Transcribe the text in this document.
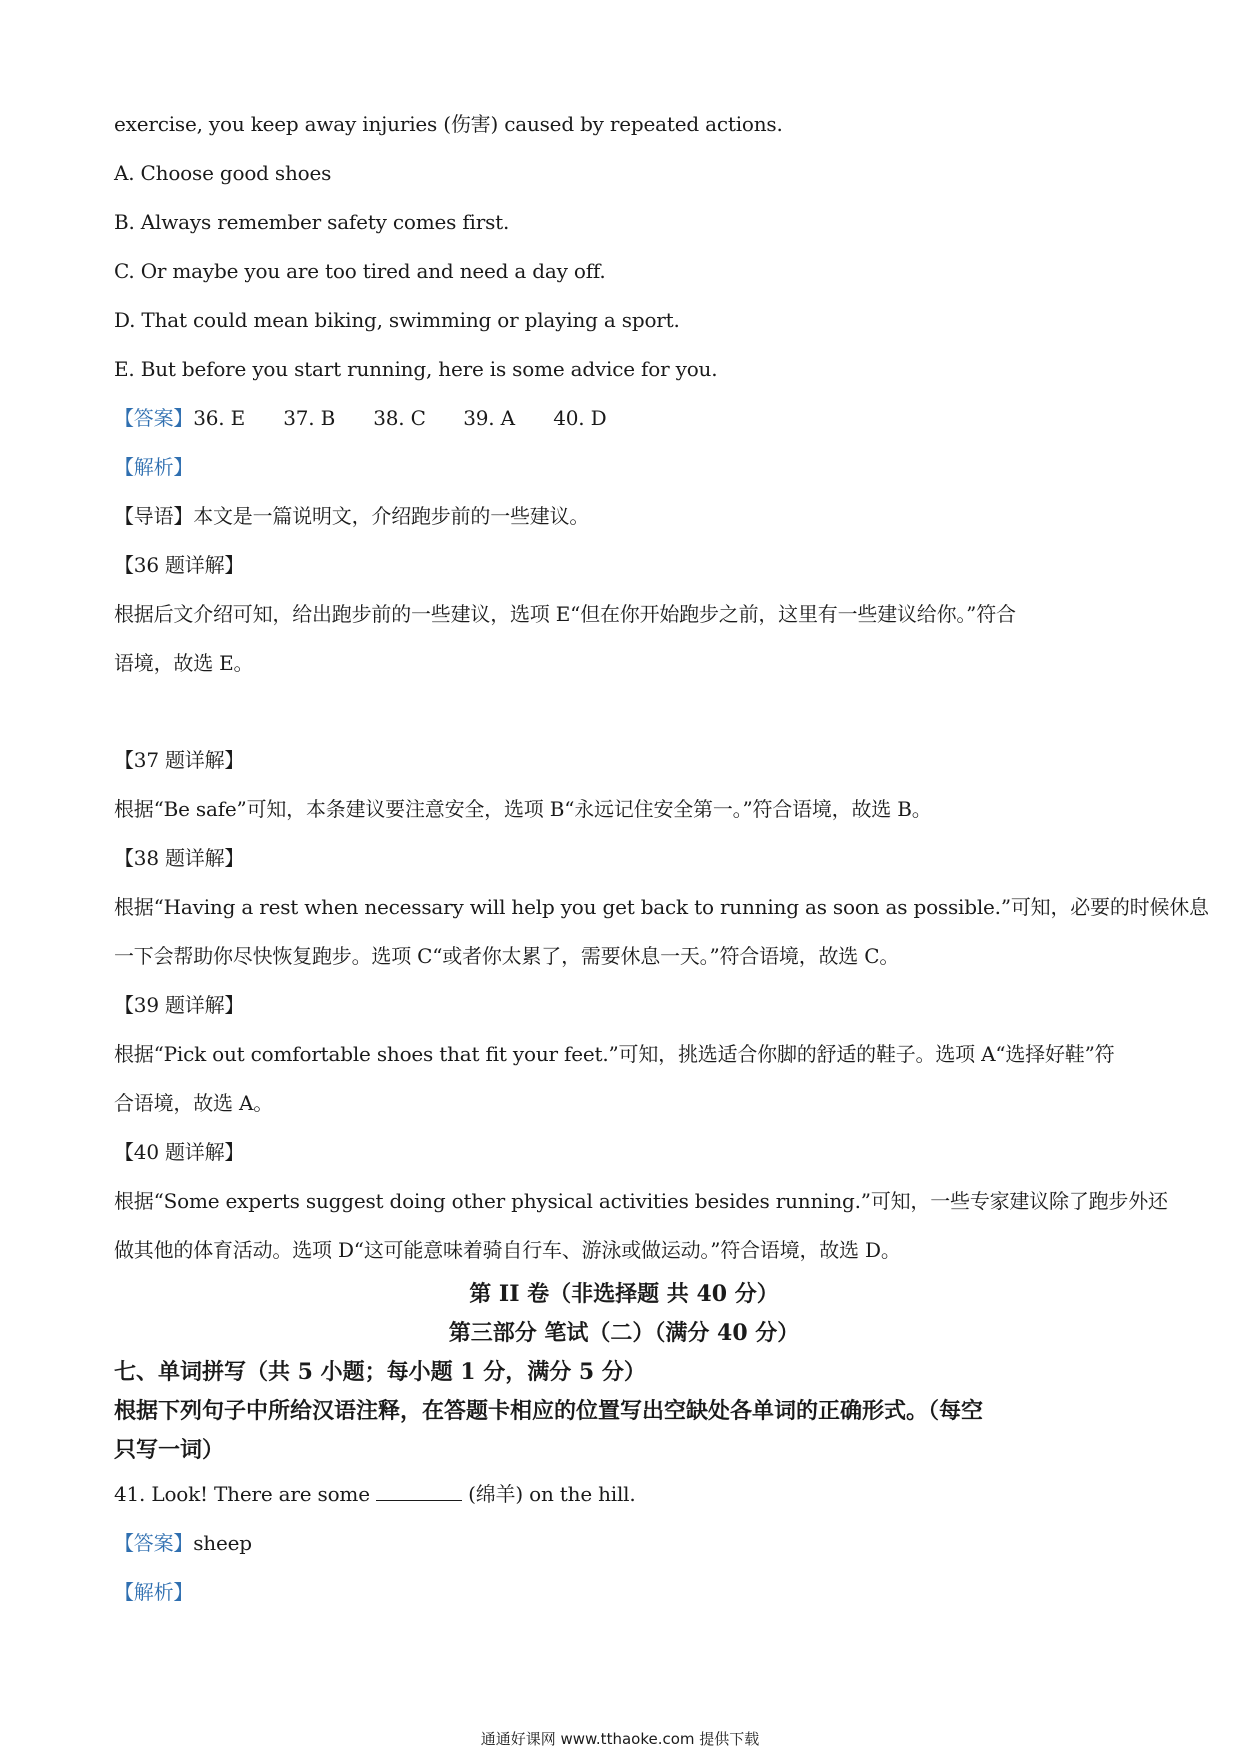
exercise, you keep away injuries (伤害) caused by repeated actions.
A. Choose good shoes
B. Always remember safety comes first.
C. Or maybe you are too tired and need a day off.
D. That could mean biking, swimming or playing a sport.
E. But before you start running, here is some advice for you.
【答案】36. E 37. B 38. C 39. A 40. D
【解析】
【导语】本文是一篇说明文，介绍跑步前的一些建议。
【36 题详解】
根据后文介绍可知，给出跑步前的一些建议，选项 E“但在你开始跑步之前，这里有一些建议给你。”符合
语境，故选 E。
【37 题详解】
根据“Be safe”可知，本条建议要注意安全，选项 B“永远记住安全第一。”符合语境，故选 B。
【38 题详解】
根据“Having a rest when necessary will help you get back to running as soon as possible.”可知，必要的时候休息
一下会帮助你尽快恢复跑步。选项 C“或者你太累了，需要休息一天。”符合语境，故选 C。
【39 题详解】
根据“Pick out comfortable shoes that fit your feet.”可知，挑选适合你脚的舒适的鞋子。选项 A“选择好鞋”符
合语境，故选 A。
【40 题详解】
根据“Some experts suggest doing other physical activities besides running.”可知，一些专家建议除了跑步外还
做其他的体育活动。选项 D“这可能意味着骑自行车、游泳或做运动。”符合语境，故选 D。
第 II 卷（非选择题 共 40 分）
第三部分 笔试（二）（满分 40 分）
七、单词拼写（共 5 小题；每小题 1 分，满分 5 分）
根据下列句子中所给汉语注释，在答题卡相应的位置写出空缺处各单词的正确形式。（每空
只写一词）
41. Look! There are some	(绵羊) on the hill.
【答案】sheep
【解析】
通通好课网 www.tthaoke.com 提供下载
